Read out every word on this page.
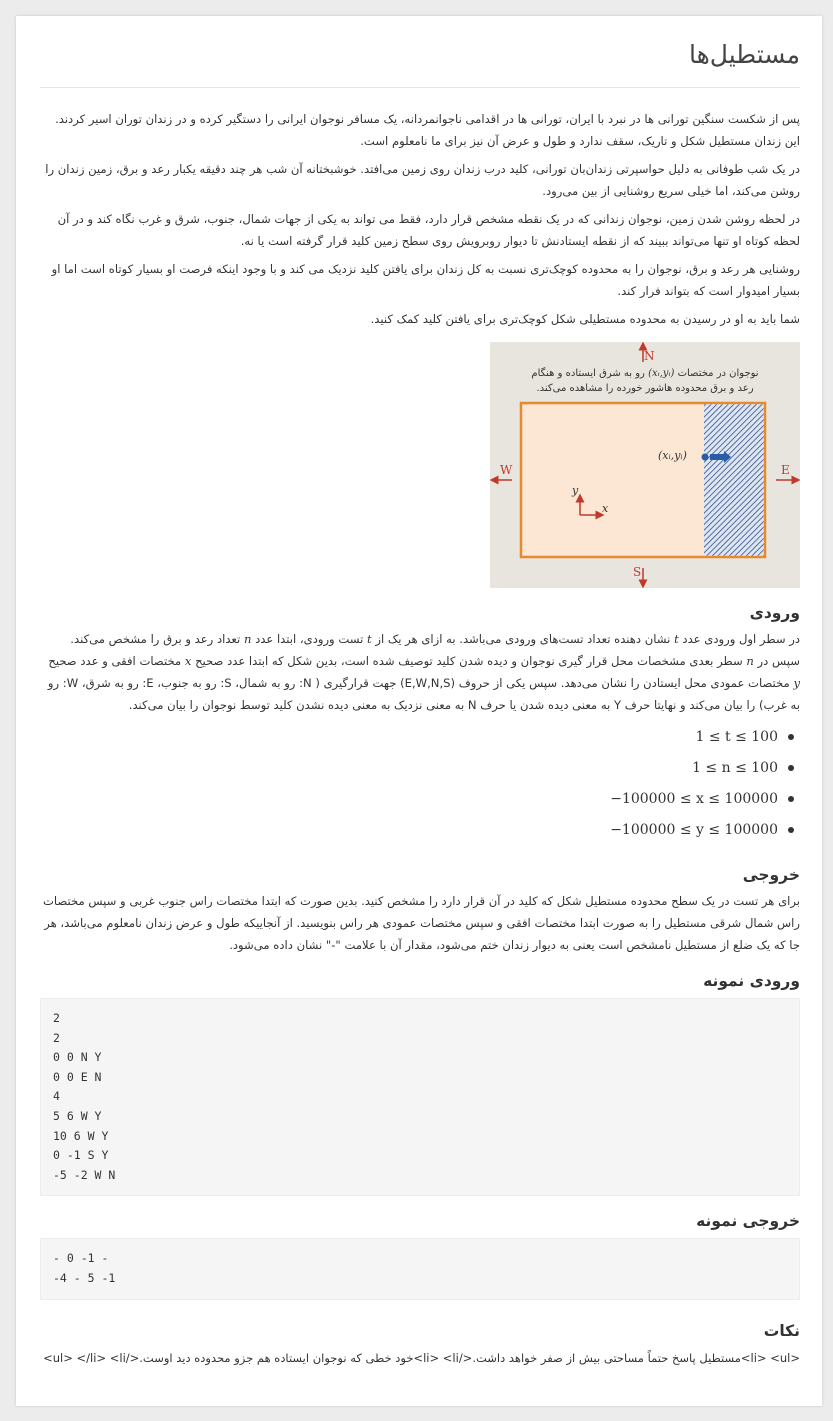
مستطیل‌ها

پس از شکست سنگین تورانی ها در نبرد با ایران، تورانی ها در اقدامی ناجوانمردانه، یک مسافر نوجوان ایرانی را دستگیر کرده و در زندان توران اسیر کردند. این زندان مستطیل شکل و تاریک، سقف ندارد و طول و عرض آن نیز برای ما نامعلوم است.

در یک شب طوفانی به دلیل حواسپرتی زندان‌بان تورانی، کلید درب زندان روی زمین می‌افتد. خوشبختانه آن شب هر چند دقیقه یکبار رعد و برق، زمین زندان را روشن می‌کند، اما خیلی سریع روشنایی از بین می‌رود.

در لحظه روشن شدن زمین، نوجوان زندانی که در یک نقطه مشخص قرار دارد، فقط می تواند به یکی از جهات شمال، جنوب، شرق و غرب نگاه کند و در آن لحظه کوتاه او تنها می‌تواند ببیند که از نقطه ایستادنش تا دیوار روبرویش روی سطح زمین کلید قرار گرفته است یا نه.

روشنایی هر رعد و برق، نوجوان را به محدوده کوچک‌تری نسبت به کل زندان برای یافتن کلید نزدیک می کند و با وجود اینکه فرصت او بسیار کوتاه است اما او بسیار امیدوار است که بتواند فرار کند.

شما باید به او در رسیدن به محدوده مستطیلی شکل کوچک‌تری برای یافتن کلید کمک کنید.

N
S
E
W
x
y
(xᵢ,yᵢ)
نوجوان در مختصات (xᵢ,yᵢ) رو به شرق ایستاده و هنگام
رعد و برق محدوده هاشور خورده را مشاهده می‌کند.
ورودی

در سطر اول ورودی عدد t نشان دهنده تعداد تست‌های ورودی می‌باشد. به ازای هر یک از t تست ورودی، ابتدا عدد n تعداد رعد و برق را مشخص می‌کند. سپس در n سطر بعدی مشخصات محل قرار گیری نوجوان و دیده شدن کلید توصیف شده است، بدین شکل که ابتدا عدد صحیح x مختصات افقی و عدد صحیح y مختصات عمودی محل ایستادن را نشان می‌دهد. سپس یکی از حروف (E,W,N,S) جهت قرارگیری ( N: رو به شمال، S: رو به جنوب، E: رو به شرق، W: رو به غرب) را بیان می‌کند و نهایتا حرف Y به معنی دیده شدن یا حرف N به معنی نزدیک به معنی دیده نشدن کلید توسط نوجوان را بیان می‌کند.

1 ≤ t ≤ 100
1 ≤ n ≤ 100
−100000 ≤ x ≤ 100000
−100000 ≤ y ≤ 100000
خروجی

برای هر تست در یک سطح محدوده مستطیل شکل که کلید در آن قرار دارد را مشخص کنید. بدین صورت که ابتدا مختصات راس جنوب غربی و سپس مختصات راس شمال شرقی مستطیل را به صورت ابتدا مختصات افقی و سپس مختصات عمودی هر راس بنویسید. از آنجاییکه طول و عرض زندان نامعلوم می‌باشد، هر جا که یک ضلع از مستطیل نامشخص است یعنی به دیوار زندان ختم می‌شود، مقدار آن با علامت "-" نشان داده می‌شود.

ورودی نمونه
2
2
0 0 N Y
0 0 E N
4
5 6 W Y
10 6 W Y
0 -1 S Y
-5 -2 W N
خروجی نمونه
- 0 -1 -
-4 - 5 -1
نکات
<li> <ul>مستطیل پاسخ حتماً مساحتی بیش از صفر خواهد داشت.</li> <li>خود خطی که نوجوان ایستاده هم جزو محدوده دید اوست.</ul> </li> <li>
